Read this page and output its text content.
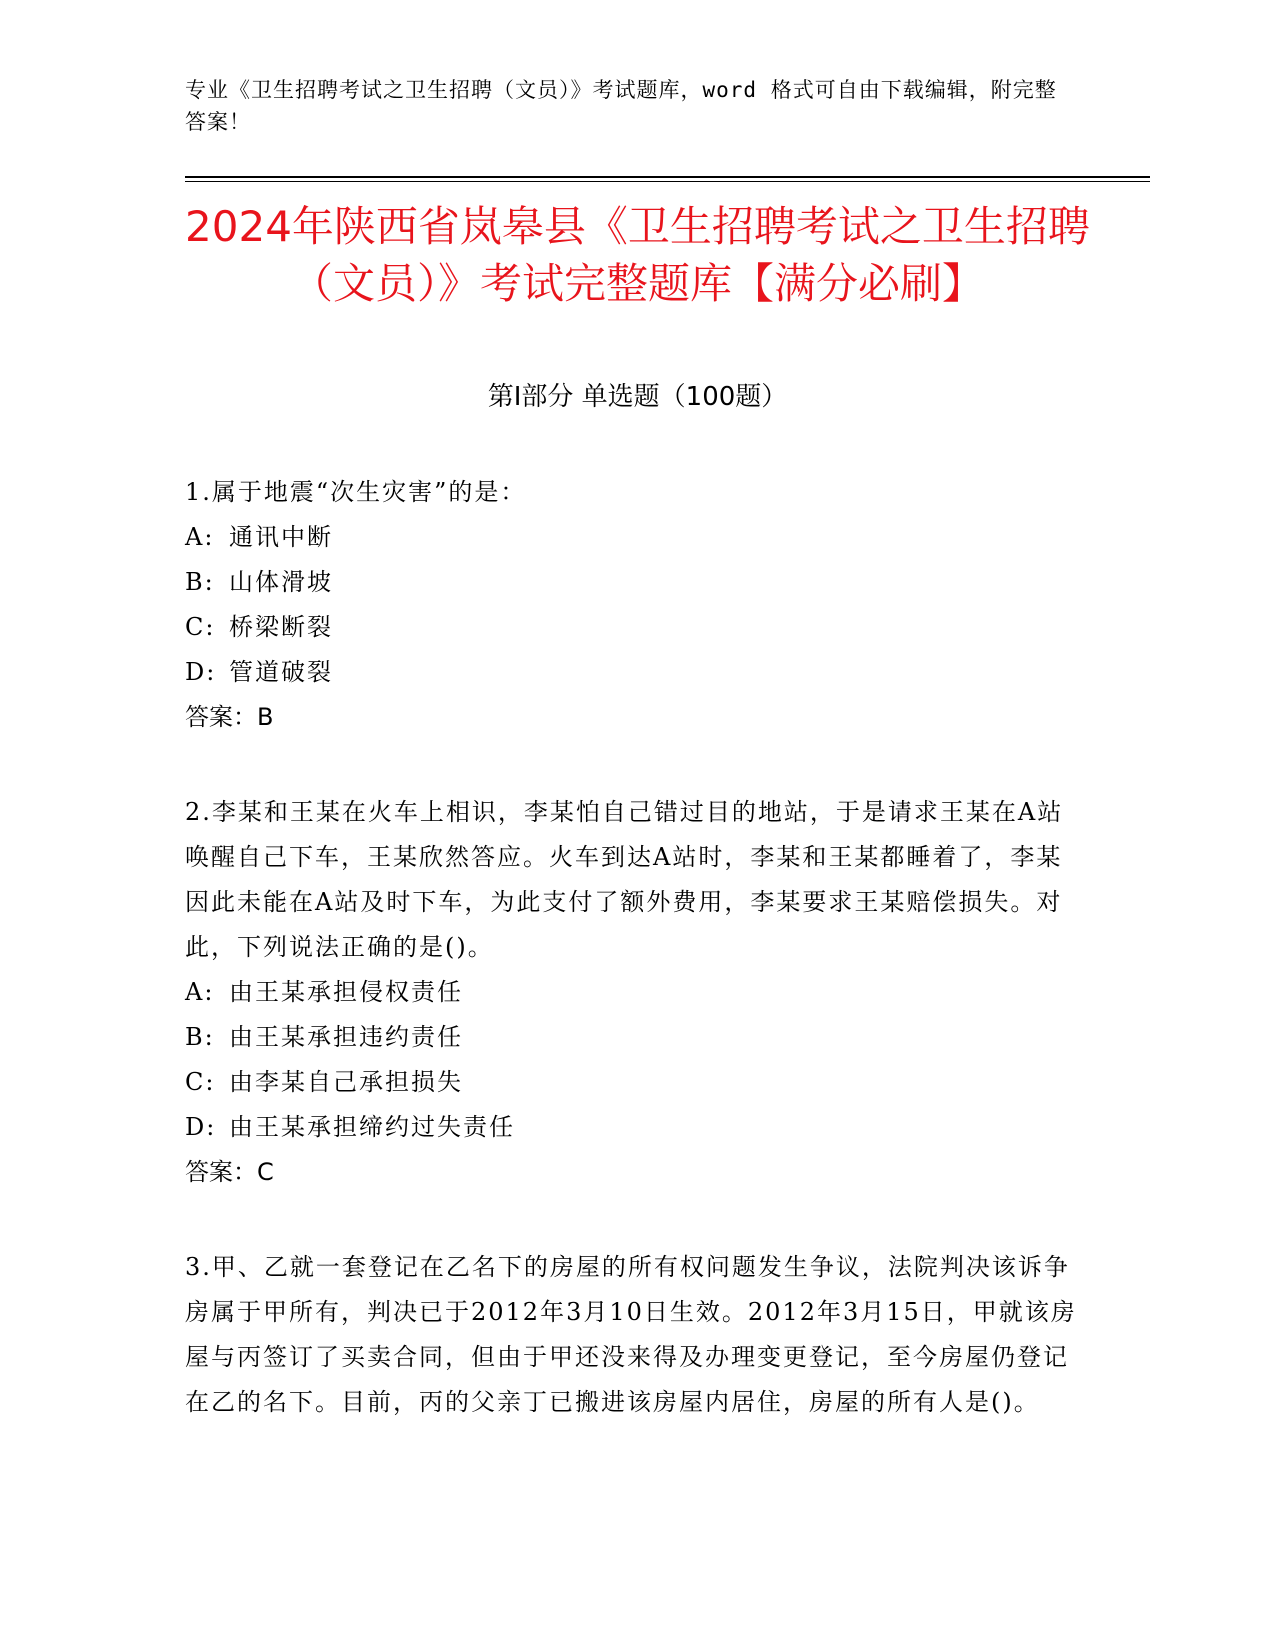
专业《卫生招聘考试之卫生招聘（文员）》考试题库，word 格式可自由下载编辑，附完整答案！
2024年陕西省岚皋县《卫生招聘考试之卫生招聘（文员）》考试完整题库【满分必刷】
第Ⅰ部分 单选题（100题）
1.属于地震“次生灾害”的是：
A: 通讯中断
B: 山体滑坡
C: 桥梁断裂
D: 管道破裂
答案：B
2.李某和王某在火车上相识，李某怕自己错过目的地站，于是请求王某在A站唤醒自己下车，王某欣然答应。火车到达A站时，李某和王某都睡着了，李某因此未能在A站及时下车，为此支付了额外费用，李某要求王某赔偿损失。对此，下列说法正确的是()。
A: 由王某承担侵权责任
B: 由王某承担违约责任
C: 由李某自己承担损失
D: 由王某承担缔约过失责任
答案：C
3.甲、乙就一套登记在乙名下的房屋的所有权问题发生争议，法院判决该诉争房属于甲所有，判决已于2012年3月10日生效。2012年3月15日，甲就该房屋与丙签订了买卖合同，但由于甲还没来得及办理变更登记，至今房屋仍登记在乙的名下。目前，丙的父亲丁已搬进该房屋内居住，房屋的所有人是()。
